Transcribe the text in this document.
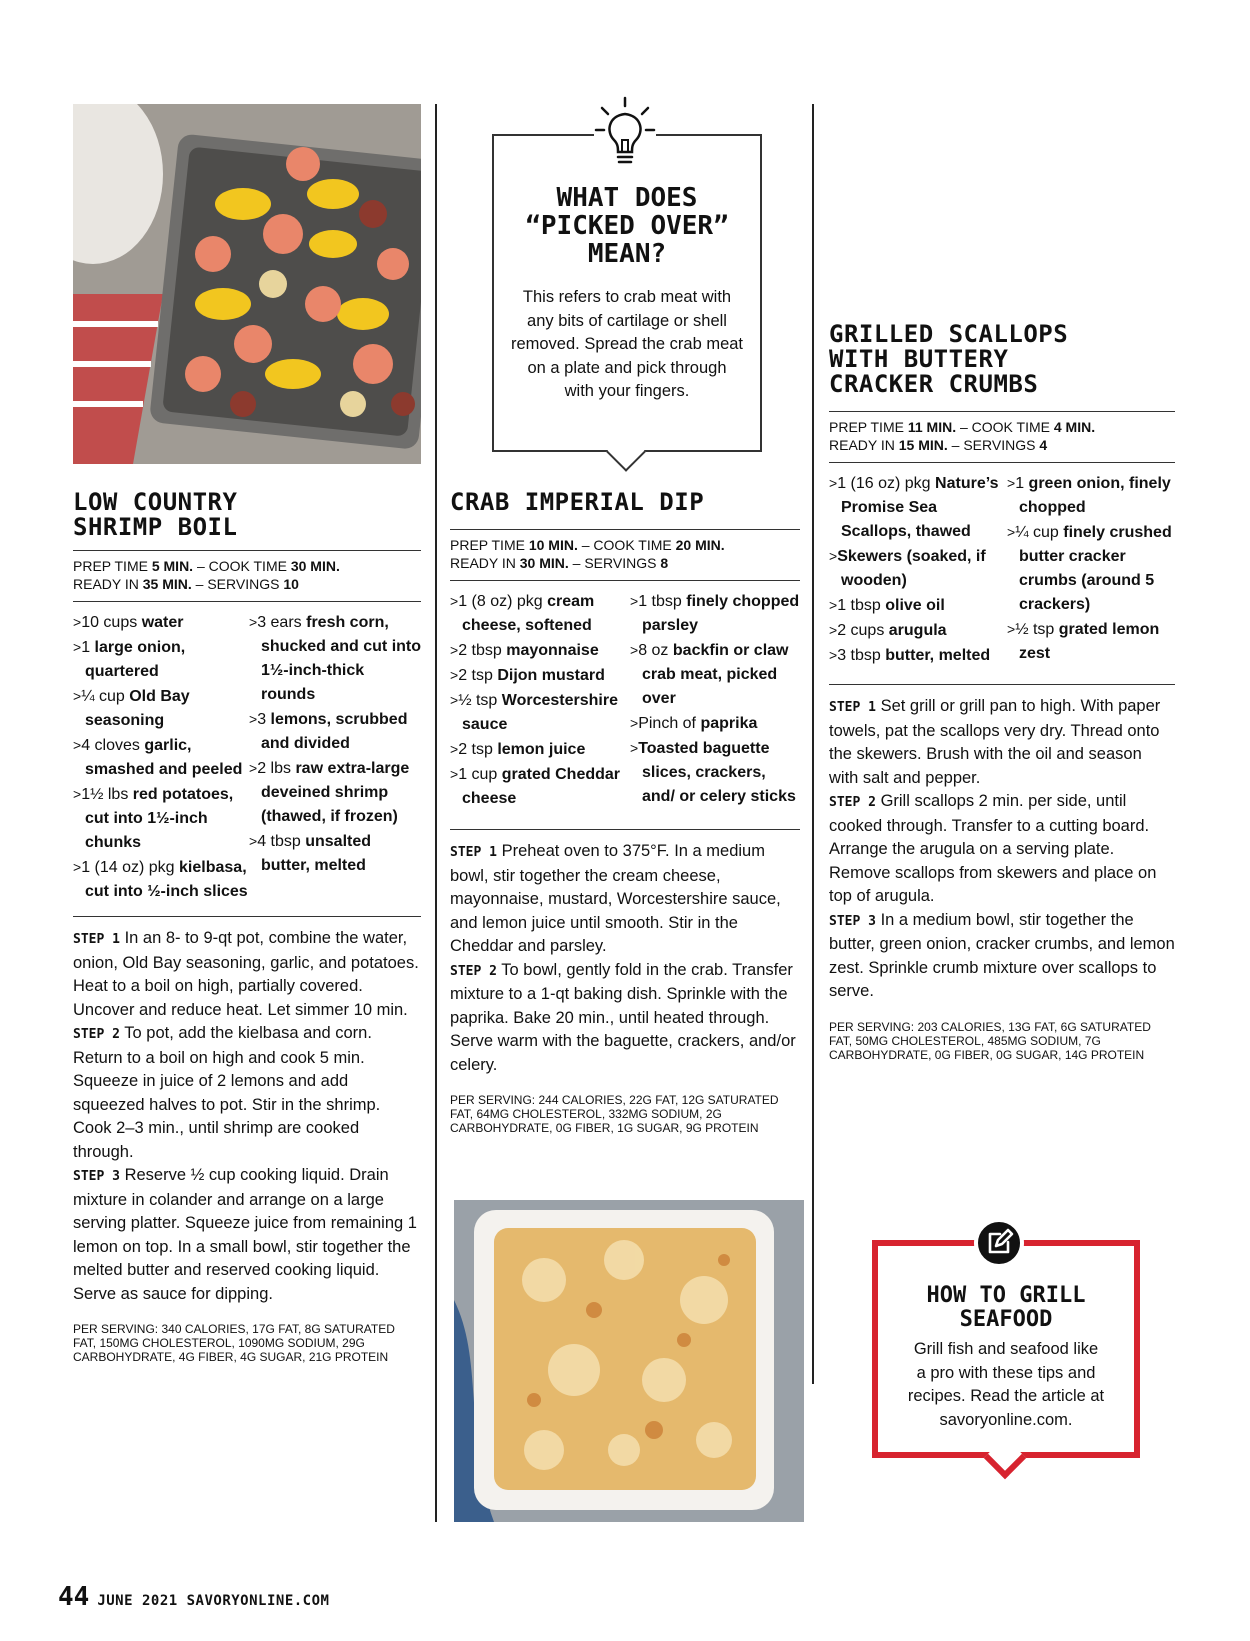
LOW COUNTRY
SHRIMP BOIL
PREP TIME 5 MIN. – COOK TIME 30 MIN.
READY IN 35 MIN. – SERVINGS 10
>10 cups water
>1 large onion, quartered
>¼ cup Old Bay seasoning
>4 cloves garlic, smashed and peeled
>1½ lbs red potatoes, cut into 1½-inch chunks
>1 (14 oz) pkg kielbasa, cut into ½-inch slices
>3 ears fresh corn, shucked and cut into 1½-inch-thick rounds
>3 lemons, scrubbed and divided
>2 lbs raw extra-large deveined shrimp (thawed, if frozen)
>4 tbsp unsalted butter, melted
STEP 1 In an 8- to 9-qt pot, combine the water, onion, Old Bay seasoning, garlic, and potatoes. Heat to a boil on high, partially covered. Uncover and reduce heat. Let simmer 10 min.
STEP 2 To pot, add the kielbasa and corn. Return to a boil on high and cook 5 min. Squeeze in juice of 2 lemons and add squeezed halves to pot. Stir in the shrimp. Cook 2–3 min., until shrimp are cooked through.
STEP 3 Reserve ½ cup cooking liquid. Drain mixture in colander and arrange on a large serving platter. Squeeze juice from remaining 1 lemon on top. In a small bowl, stir together the melted butter and reserved cooking liquid. Serve as sauce for dipping.
PER SERVING: 340 CALORIES, 17G FAT, 8G SATURATED FAT, 150MG CHOLESTEROL, 1090MG SODIUM, 29G CARBOHYDRATE, 4G FIBER, 4G SUGAR, 21G PROTEIN
WHAT DOES
“PICKED OVER”
MEAN?
This refers to crab meat with
any bits of cartilage or shell
removed. Spread the crab meat
on a plate and pick through
with your fingers.
CRAB IMPERIAL DIP
PREP TIME 10 MIN. – COOK TIME 20 MIN.
READY IN 30 MIN. – SERVINGS 8
>1 (8 oz) pkg cream cheese, softened
>2 tbsp mayonnaise
>2 tsp Dijon mustard
>½ tsp Worcestershire sauce
>2 tsp lemon juice
>1 cup grated Cheddar cheese
>1 tbsp finely chopped parsley
>8 oz backfin or claw crab meat, picked over
>Pinch of paprika
>Toasted baguette slices, crackers, and/ or celery sticks
STEP 1 Preheat oven to 375°F. In a medium bowl, stir together the cream cheese, mayonnaise, mustard, Worcestershire sauce, and lemon juice until smooth. Stir in the Cheddar and parsley.
STEP 2 To bowl, gently fold in the crab. Transfer mixture to a 1-qt baking dish. Sprinkle with the paprika. Bake 20 min., until heated through. Serve warm with the baguette, crackers, and/or celery.
PER SERVING: 244 CALORIES, 22G FAT, 12G SATURATED FAT, 64MG CHOLESTEROL, 332MG SODIUM, 2G CARBOHYDRATE, 0G FIBER, 1G SUGAR, 9G PROTEIN
GRILLED SCALLOPS
WITH BUTTERY
CRACKER CRUMBS
PREP TIME 11 MIN. – COOK TIME 4 MIN.
READY IN 15 MIN. – SERVINGS 4
>1 (16 oz) pkg Nature’s Promise Sea Scallops, thawed
>Skewers (soaked, if wooden)
>1 tbsp olive oil
>2 cups arugula
>3 tbsp butter, melted
>1 green onion, finely chopped
>¼ cup finely crushed butter cracker crumbs (around 5 crackers)
>½ tsp grated lemon zest
STEP 1 Set grill or grill pan to high. With paper towels, pat the scallops very dry. Thread onto the skewers. Brush with the oil and season with salt and pepper.
STEP 2 Grill scallops 2 min. per side, until cooked through. Transfer to a cutting board. Arrange the arugula on a serving plate. Remove scallops from skewers and place on top of arugula.
STEP 3 In a medium bowl, stir together the butter, green onion, cracker crumbs, and lemon zest. Sprinkle crumb mixture over scallops to serve.
PER SERVING: 203 CALORIES, 13G FAT, 6G SATURATED FAT, 50MG CHOLESTEROL, 485MG SODIUM, 7G CARBOHYDRATE, 0G FIBER, 0G SUGAR, 14G PROTEIN
HOW TO GRILL
SEAFOOD
Grill fish and seafood like
a pro with these tips and
recipes. Read the article at
savoryonline.com.
44 JUNE 2021 SAVORYONLINE.COM
